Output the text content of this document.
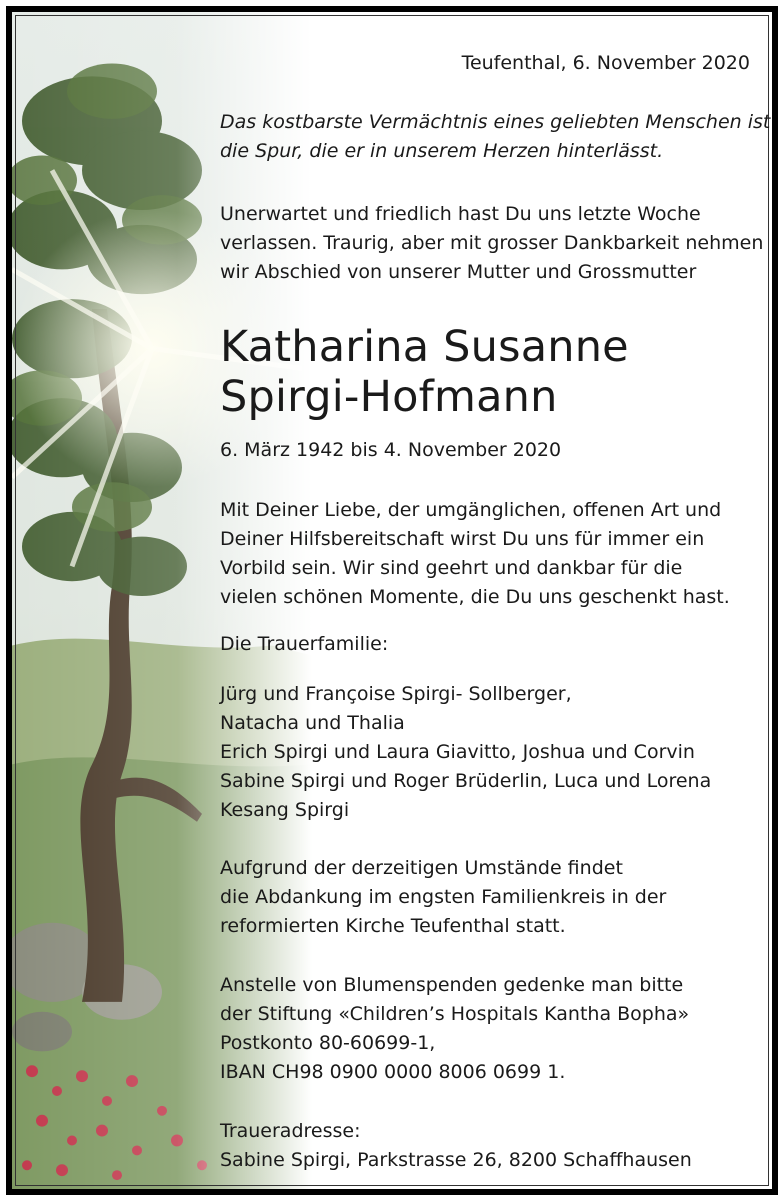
Teufenthal, 6. November 2020
Das kostbarste Vermächtnis eines geliebten Menschen ist
die Spur, die er in unserem Herzen hinterlässt.
Unerwartet und friedlich hast Du uns letzte Woche
verlassen. Traurig, aber mit grosser Dankbarkeit nehmen
wir Abschied von unserer Mutter und Grossmutter
Katharina Susanne
Spirgi-Hofmann
6. März 1942 bis 4. November 2020
Mit Deiner Liebe, der umgänglichen, offenen Art und
Deiner Hilfsbereitschaft wirst Du uns für immer ein
Vorbild sein. Wir sind geehrt und dankbar für die
vielen schönen Momente, die Du uns geschenkt hast.
Die Trauerfamilie:
Jürg und Françoise Spirgi- Sollberger,
Natacha und Thalia
Erich Spirgi und Laura Giavitto, Joshua und Corvin
Sabine Spirgi und Roger Brüderlin, Luca und Lorena
Kesang Spirgi
Aufgrund der derzeitigen Umstände findet
die Abdankung im engsten Familienkreis in der
reformierten Kirche Teufenthal statt.
Anstelle von Blumenspenden gedenke man bitte
der Stiftung «Children’s Hospitals Kantha Bopha»
Postkonto 80-60699-1,
IBAN CH98 0900 0000 8006 0699 1.
Traueradresse:
Sabine Spirgi, Parkstrasse 26, 8200 Schaffhausen
